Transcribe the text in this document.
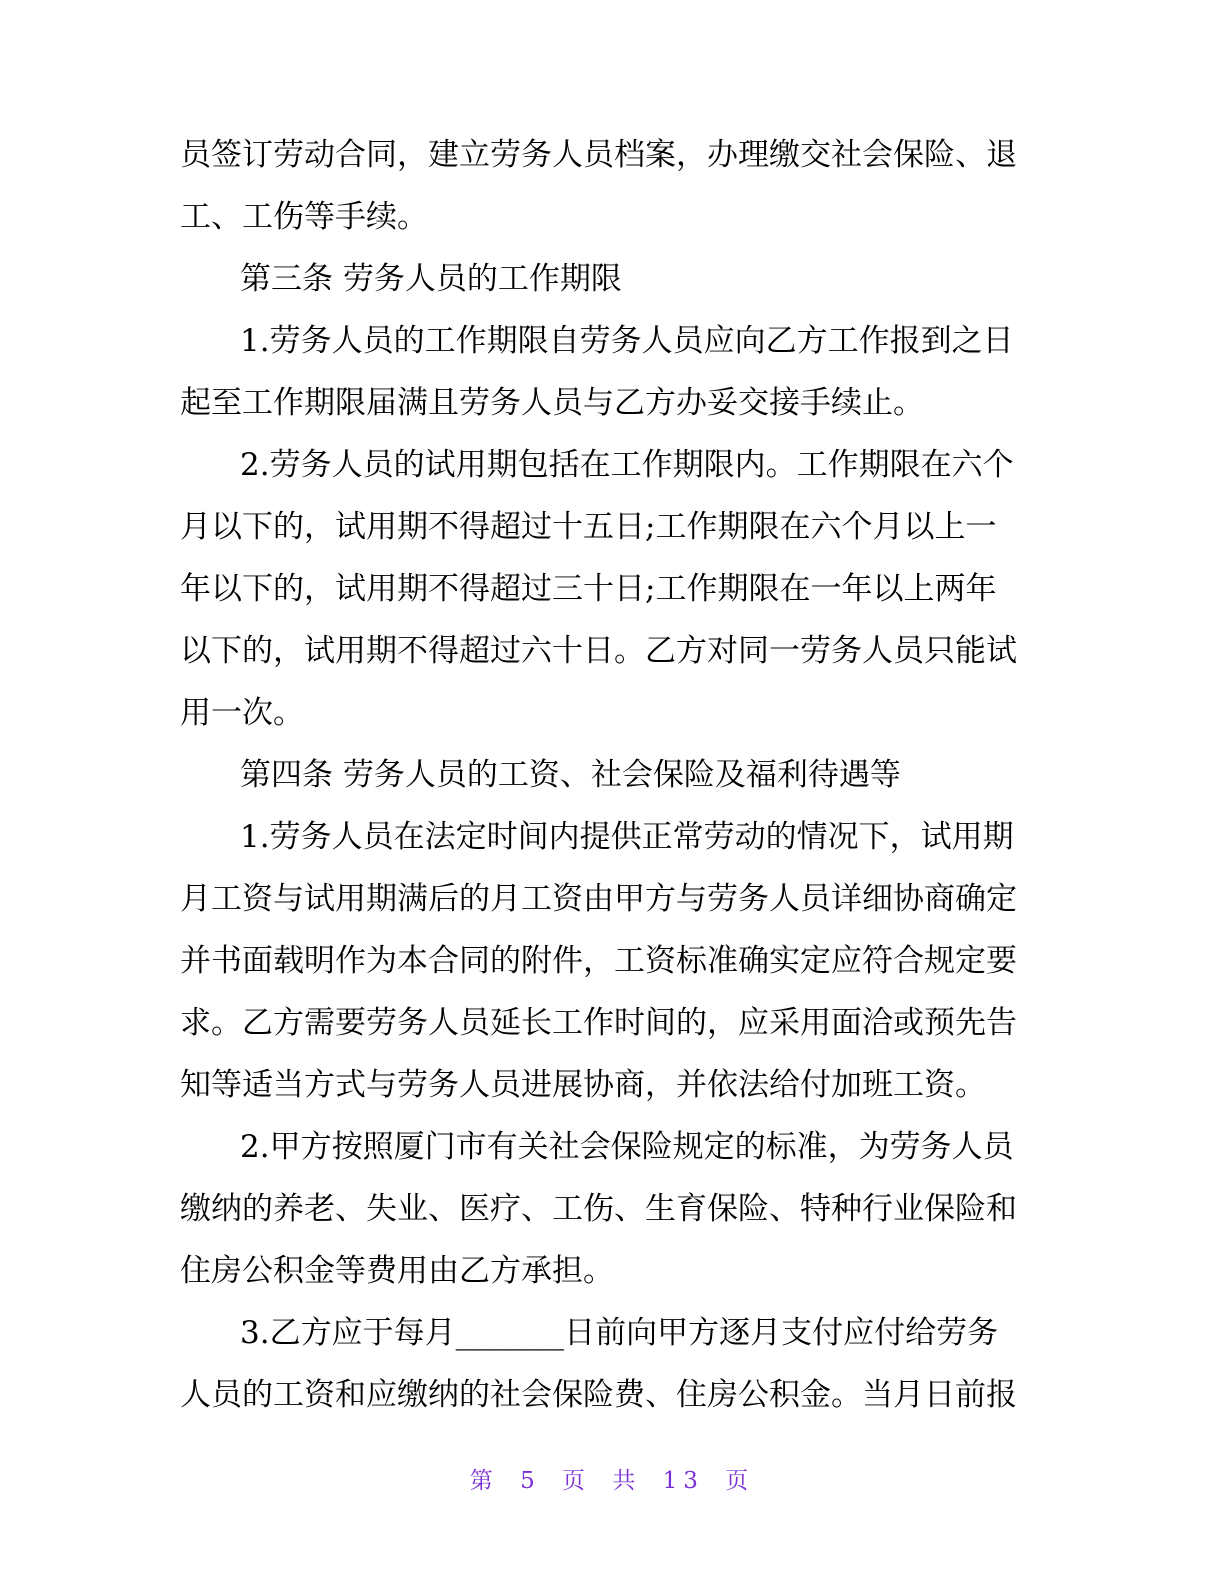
员签订劳动合同，建立劳务人员档案，办理缴交社会保险、退
工、工伤等手续。
第三条 劳务人员的工作期限
1.劳务人员的工作期限自劳务人员应向乙方工作报到之日
起至工作期限届满且劳务人员与乙方办妥交接手续止。
2.劳务人员的试用期包括在工作期限内。工作期限在六个
月以下的，试用期不得超过十五日;工作期限在六个月以上一
年以下的，试用期不得超过三十日;工作期限在一年以上两年
以下的，试用期不得超过六十日。乙方对同一劳务人员只能试
用一次。
第四条 劳务人员的工资、社会保险及福利待遇等
1.劳务人员在法定时间内提供正常劳动的情况下，试用期
月工资与试用期满后的月工资由甲方与劳务人员详细协商确定
并书面载明作为本合同的附件，工资标准确实定应符合规定要
求。乙方需要劳务人员延长工作时间的，应采用面洽或预先告
知等适当方式与劳务人员进展协商，并依法给付加班工资。
2.甲方按照厦门市有关社会保险规定的标准，为劳务人员
缴纳的养老、失业、医疗、工伤、生育保险、特种行业保险和
住房公积金等费用由乙方承担。
3.乙方应于每月_______日前向甲方逐月支付应付给劳务
人员的工资和应缴纳的社会保险费、住房公积金。当月日前报
第 5 页 共 13 页
